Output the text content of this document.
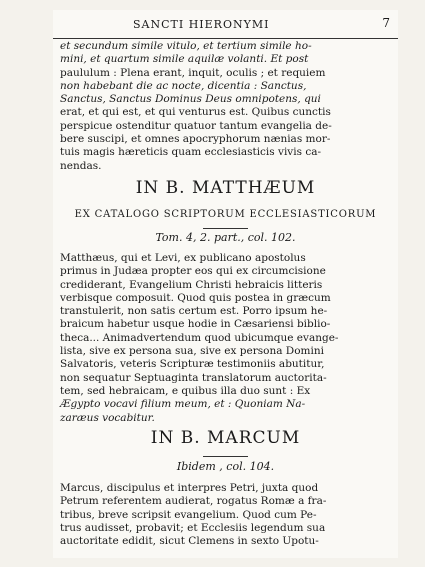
SANCTI HIERONYMI	7

et secundum simile vitulo, et tertium simile ho-

mini, et quartum simile aquilæ volanti. Et post

paululum : Plena erant, inquit, oculis ; et requiem

non habebant die ac nocte, dicentia : Sanctus,

Sanctus, Sanctus Dominus Deus omnipotens, qui

erat, et qui est, et qui venturus est. Quibus cunctis

perspicue ostenditur quatuor tantum evangelia de-

bere suscipi, et omnes apocryphorum nænias mor-

tuis magis hæreticis quam ecclesiasticis vivis ca-

nendas.

IN B. MATTHÆUM
EX CATALOGO SCRIPTORUM ECCLESIASTICORUM
Tom. 4, 2. part., col. 102.

Matthæus, qui et Levi, ex publicano apostolus

primus in Judæa propter eos qui ex circumcisione

crediderant, Evangelium Christi hebraicis litteris

verbisque composuit. Quod quis postea in græcum

transtulerit, non satis certum est. Porro ipsum he-

braicum habetur usque hodie in Cæsariensi biblio-

theca... Animadvertendum quod ubicumque evange-

lista, sive ex persona sua, sive ex persona Domini

Salvatoris, veteris Scripturæ testimoniis abutitur,

non sequatur Septuaginta translatorum auctorita-

tem, sed hebraicam, e quibus illa duo sunt : Ex

Ægypto vocavi filium meum, et : Quoniam Na-

zaræus vocabitur.

IN B. MARCUM
Ibidem , col. 104.

Marcus, discipulus et interpres Petri, juxta quod

Petrum referentem audierat, rogatus Romæ a fra-

tribus, breve scripsit evangelium. Quod cum Pe-

trus audisset, probavit; et Ecclesiis legendum sua

auctoritate edidit, sicut Clemens in sexto Upotu-
